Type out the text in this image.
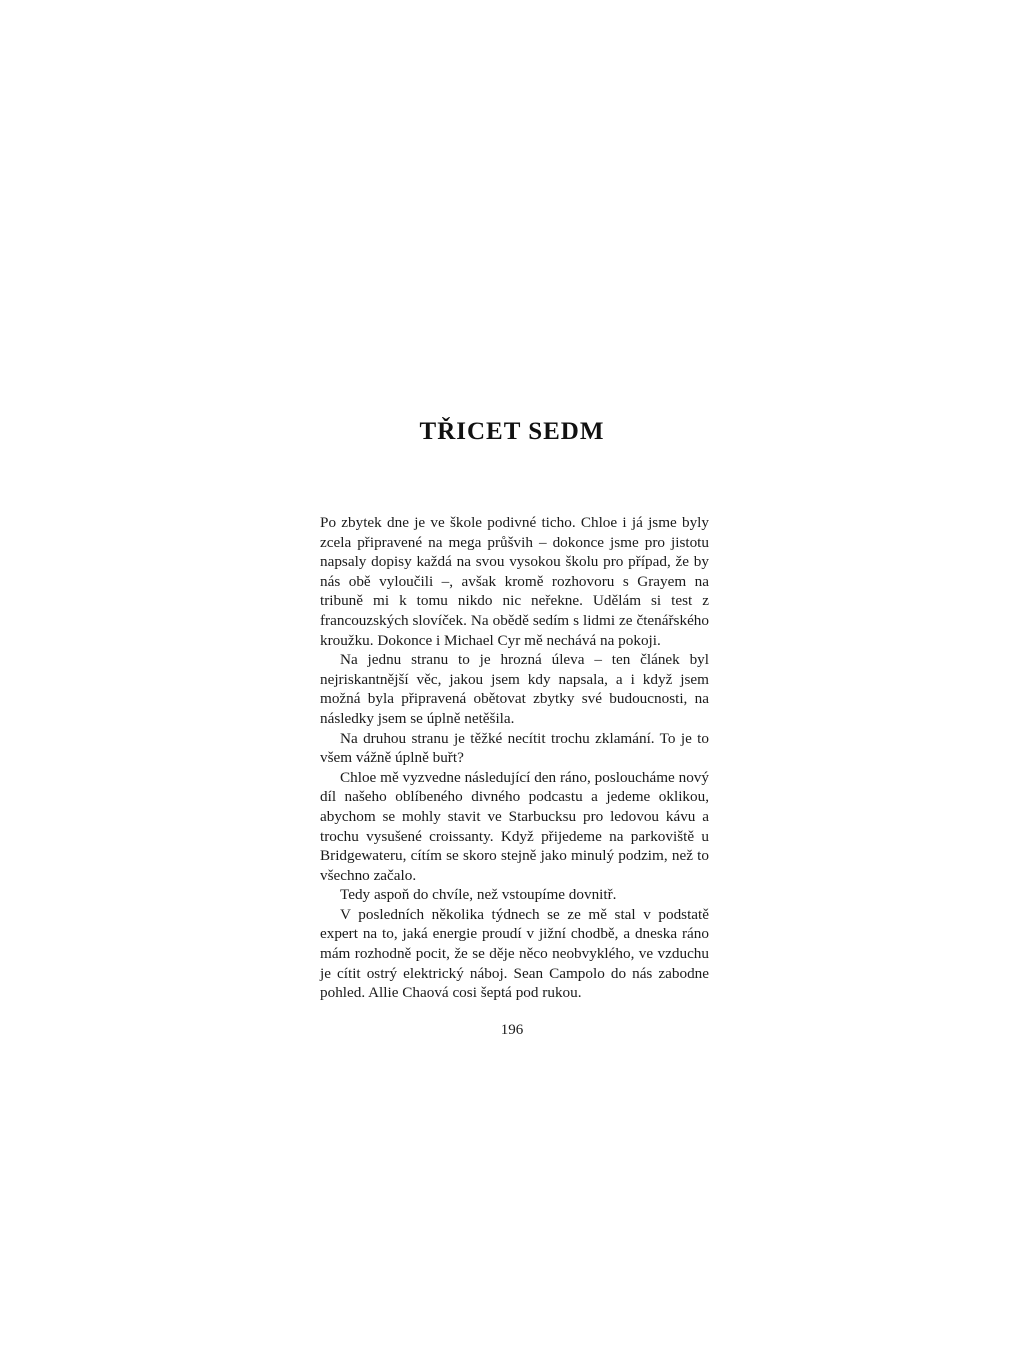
TŘICET SEDM

Po zbytek dne je ve škole podivné ticho. Chloe i já jsme byly zcela připravené na mega průšvih – dokonce jsme pro jistotu napsaly dopisy každá na svou vysokou školu pro případ, že by nás obě vyloučili –, avšak kromě rozhovoru s Grayem na tribuně mi k tomu nikdo nic neřekne. Udělám si test z francouzských slovíček. Na obědě sedím s lidmi ze čtenářského kroužku. Dokonce i Michael Cyr mě nechává na pokoji.

Na jednu stranu to je hrozná úleva – ten článek byl nejriskantnější věc, jakou jsem kdy napsala, a i když jsem možná byla připravená obětovat zbytky své budoucnosti, na následky jsem se úplně netěšila.

Na druhou stranu je těžké necítit trochu zklamání. To je to všem vážně úplně buřt?

Chloe mě vyzvedne následující den ráno, posloucháme nový díl našeho oblíbeného divného podcastu a jedeme oklikou, abychom se mohly stavit ve Starbucksu pro ledovou kávu a trochu vysušené croissanty. Když přijedeme na parkoviště u Bridgewateru, cítím se skoro stejně jako minulý podzim, než to všechno začalo.

Tedy aspoň do chvíle, než vstoupíme dovnitř.

V posledních několika týdnech se ze mě stal v podstatě expert na to, jaká energie proudí v jižní chodbě, a dneska ráno mám rozhodně pocit, že se děje něco neobvyklého, ve vzduchu je cítit ostrý elektrický náboj. Sean Campolo do nás zabodne pohled. Allie Chaová cosi šeptá pod rukou.

196
